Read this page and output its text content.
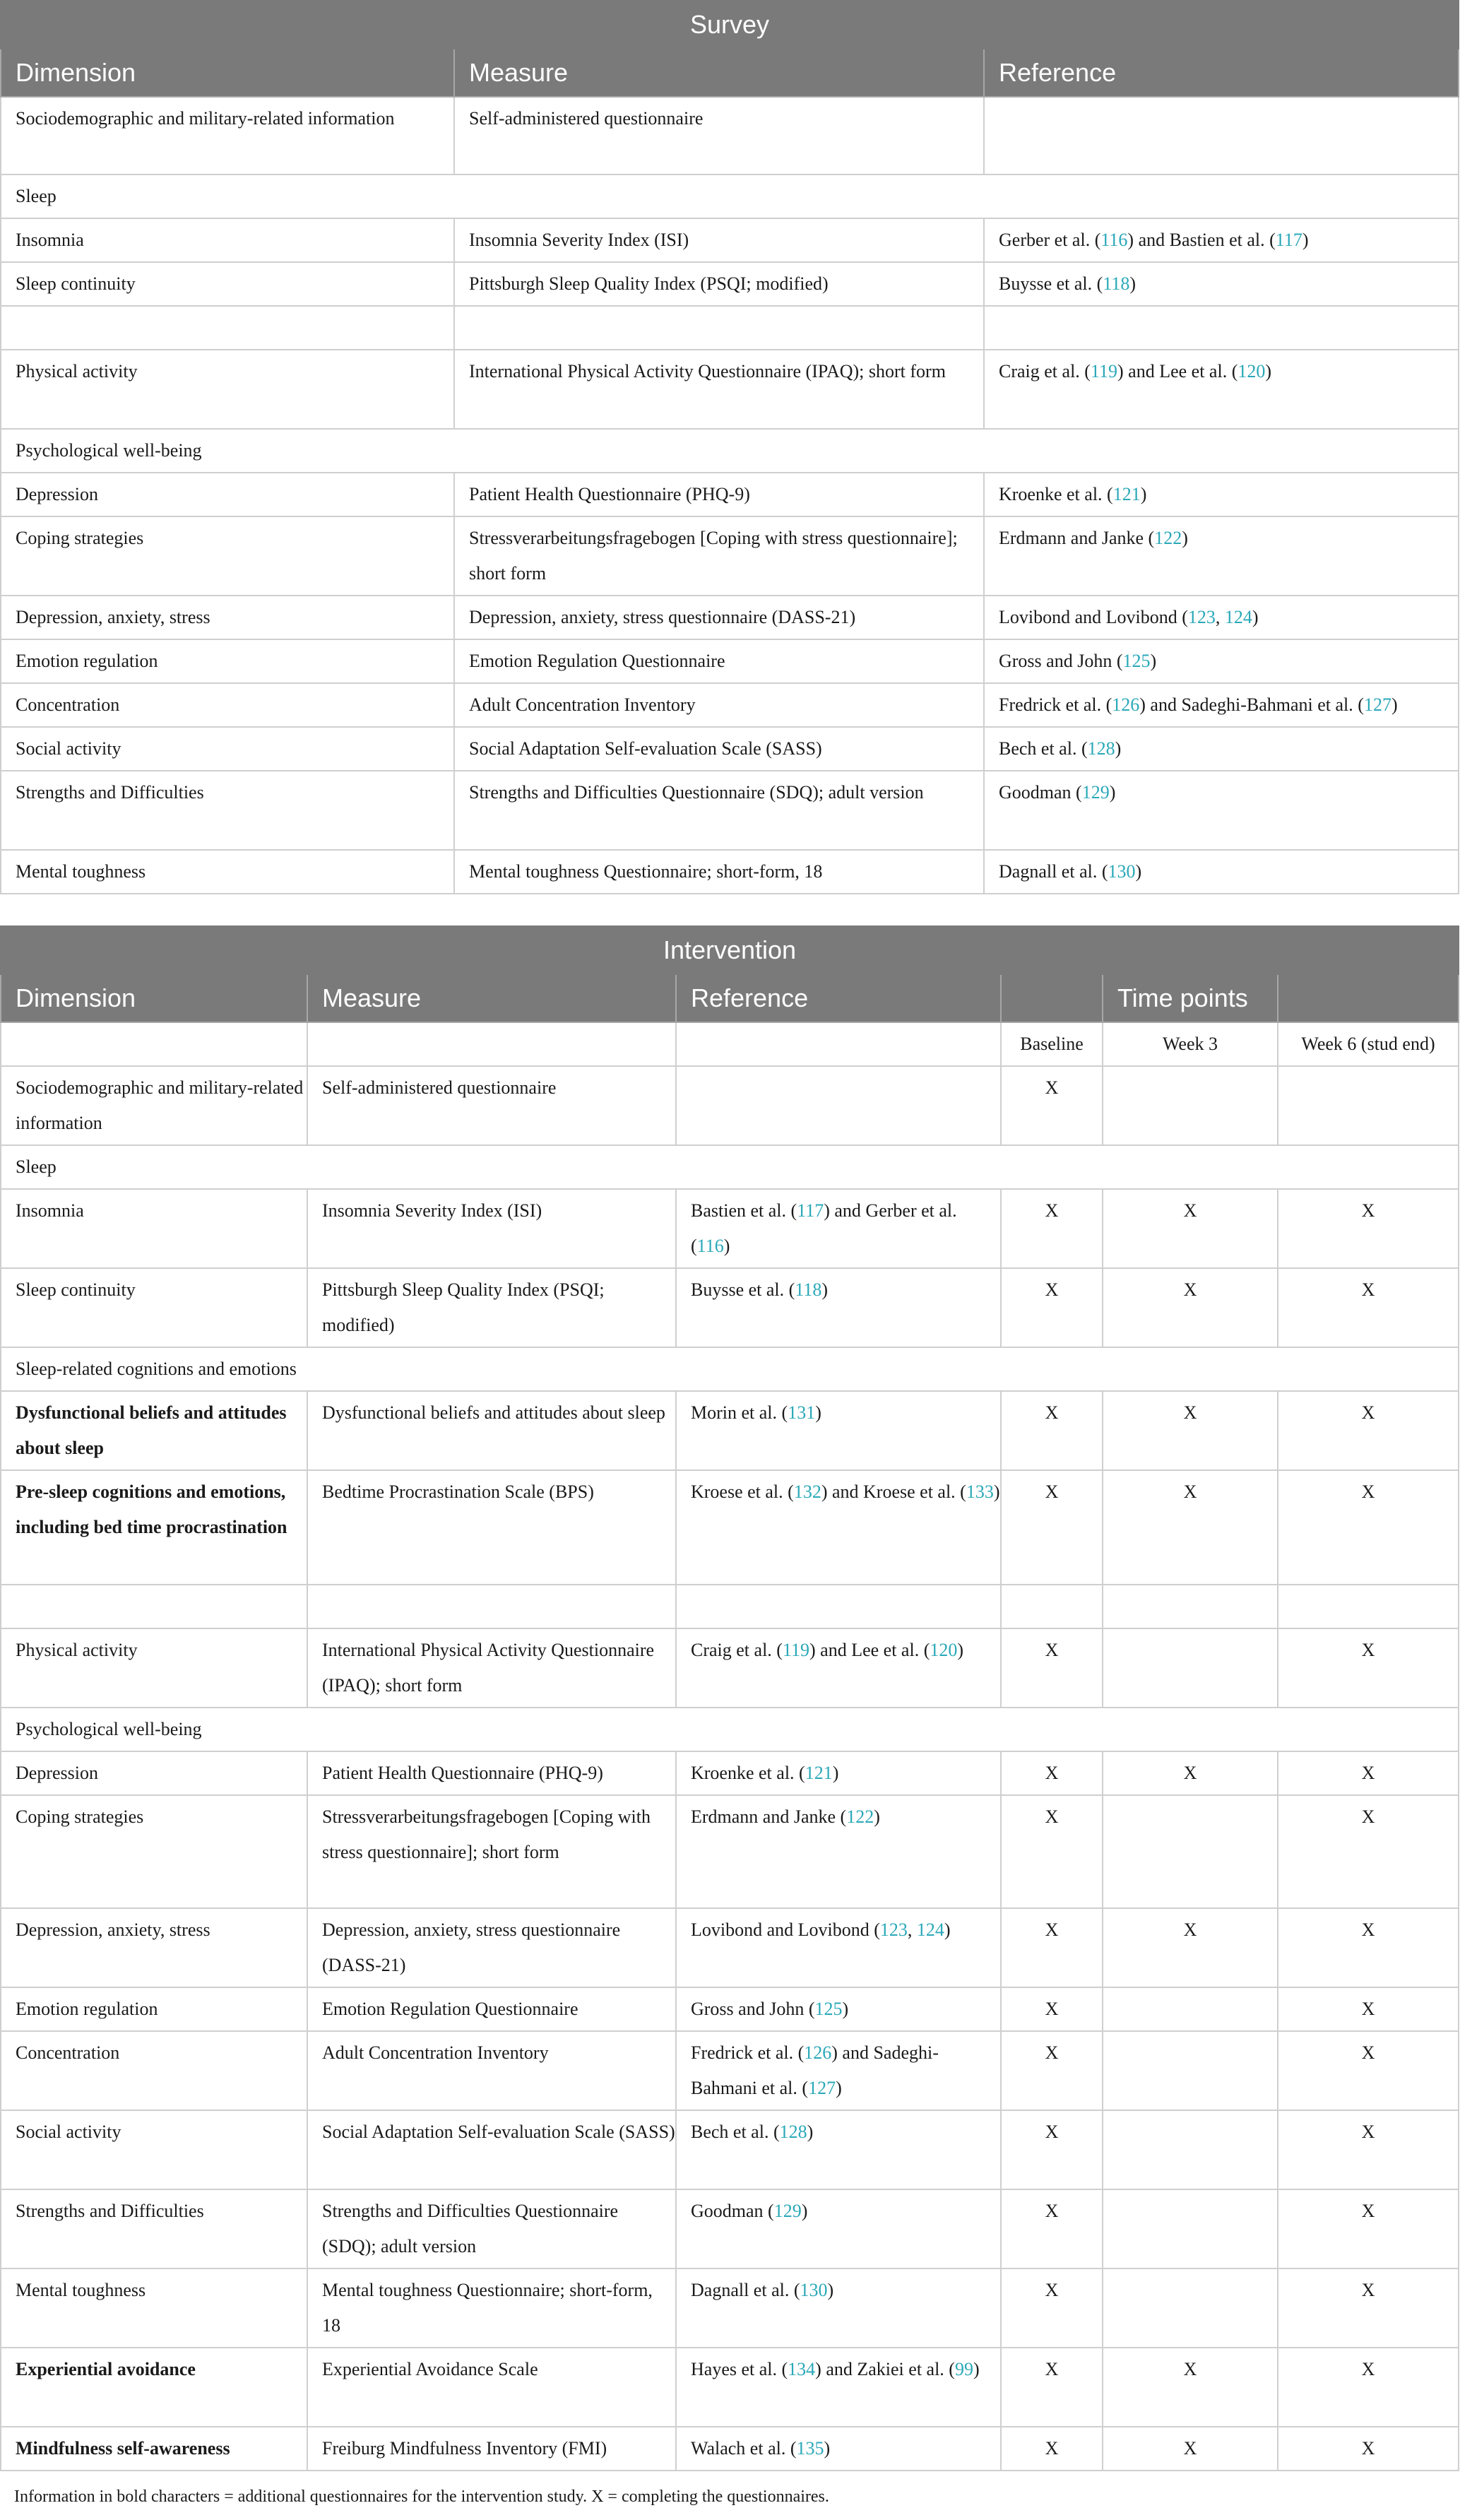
Survey		
Dimension	Measure	Reference
Sociodemographic and military-related information	Self-administered questionnaire	
Sleep		
Insomnia	Insomnia Severity Index (ISI)	Gerber et al. (116) and Bastien et al. (117)
Sleep continuity	Pittsburgh Sleep Quality Index (PSQI; modified)	Buysse et al. (118)

Physical activity	International Physical Activity Questionnaire (IPAQ); short form	Craig et al. (119) and Lee et al. (120)
Psychological well-being		
Depression	Patient Health Questionnaire (PHQ-9)	Kroenke et al. (121)
Coping strategies	Stressverarbeitungsfragebogen [Coping with stress questionnaire]; short form	Erdmann and Janke (122)
Depression, anxiety, stress	Depression, anxiety, stress questionnaire (DASS-21)	Lovibond and Lovibond (123, 124)
Emotion regulation	Emotion Regulation Questionnaire	Gross and John (125)
Concentration	Adult Concentration Inventory	Fredrick et al. (126) and Sadeghi-Bahmani et al. (127)
Social activity	Social Adaptation Self-evaluation Scale (SASS)	Bech et al. (128)
Strengths and Difficulties	Strengths and Difficulties Questionnaire (SDQ); adult version	Goodman (129)
Mental toughness	Mental toughness Questionnaire; short-form, 18	Dagnall et al. (130)
Intervention					
Dimension	Measure	Reference		Time points	
			Baseline	Week 3	Week 6 (stud end)
Sociodemographic and military-related information	Self-administered questionnaire		X		
Sleep					
Insomnia	Insomnia Severity Index (ISI)	Bastien et al. (117) and Gerber et al. (116)	X	X	X
Sleep continuity	Pittsburgh Sleep Quality Index (PSQI; modified)	Buysse et al. (118)	X	X	X
Sleep-related cognitions and emotions					
Dysfunctional beliefs and attitudes about sleep	Dysfunctional beliefs and attitudes about sleep	Morin et al. (131)	X	X	X
Pre-sleep cognitions and emotions, including bed time procrastination	Bedtime Procrastination Scale (BPS)	Kroese et al. (132) and Kroese et al. (133)	X	X	X

Physical activity	International Physical Activity Questionnaire (IPAQ); short form	Craig et al. (119) and Lee et al. (120)	X		X
Psychological well-being					
Depression	Patient Health Questionnaire (PHQ-9)	Kroenke et al. (121)	X	X	X
Coping strategies	Stressverarbeitungsfragebogen [Coping with stress questionnaire]; short form	Erdmann and Janke (122)	X		X
Depression, anxiety, stress	Depression, anxiety, stress questionnaire (DASS-21)	Lovibond and Lovibond (123, 124)	X	X	X
Emotion regulation	Emotion Regulation Questionnaire	Gross and John (125)	X		X
Concentration	Adult Concentration Inventory	Fredrick et al. (126) and Sadeghi-Bahmani et al. (127)	X		X
Social activity	Social Adaptation Self-evaluation Scale (SASS)	Bech et al. (128)	X		X
Strengths and Difficulties	Strengths and Difficulties Questionnaire (SDQ); adult version	Goodman (129)	X		X
Mental toughness	Mental toughness Questionnaire; short-form, 18	Dagnall et al. (130)	X		X
Experiential avoidance	Experiential Avoidance Scale	Hayes et al. (134) and Zakiei et al. (99)	X	X	X
Mindfulness self-awareness	Freiburg Mindfulness Inventory (FMI)	Walach et al. (135)	X	X	X
Information in bold characters = additional questionnaires for the intervention study. X = completing the questionnaires.
